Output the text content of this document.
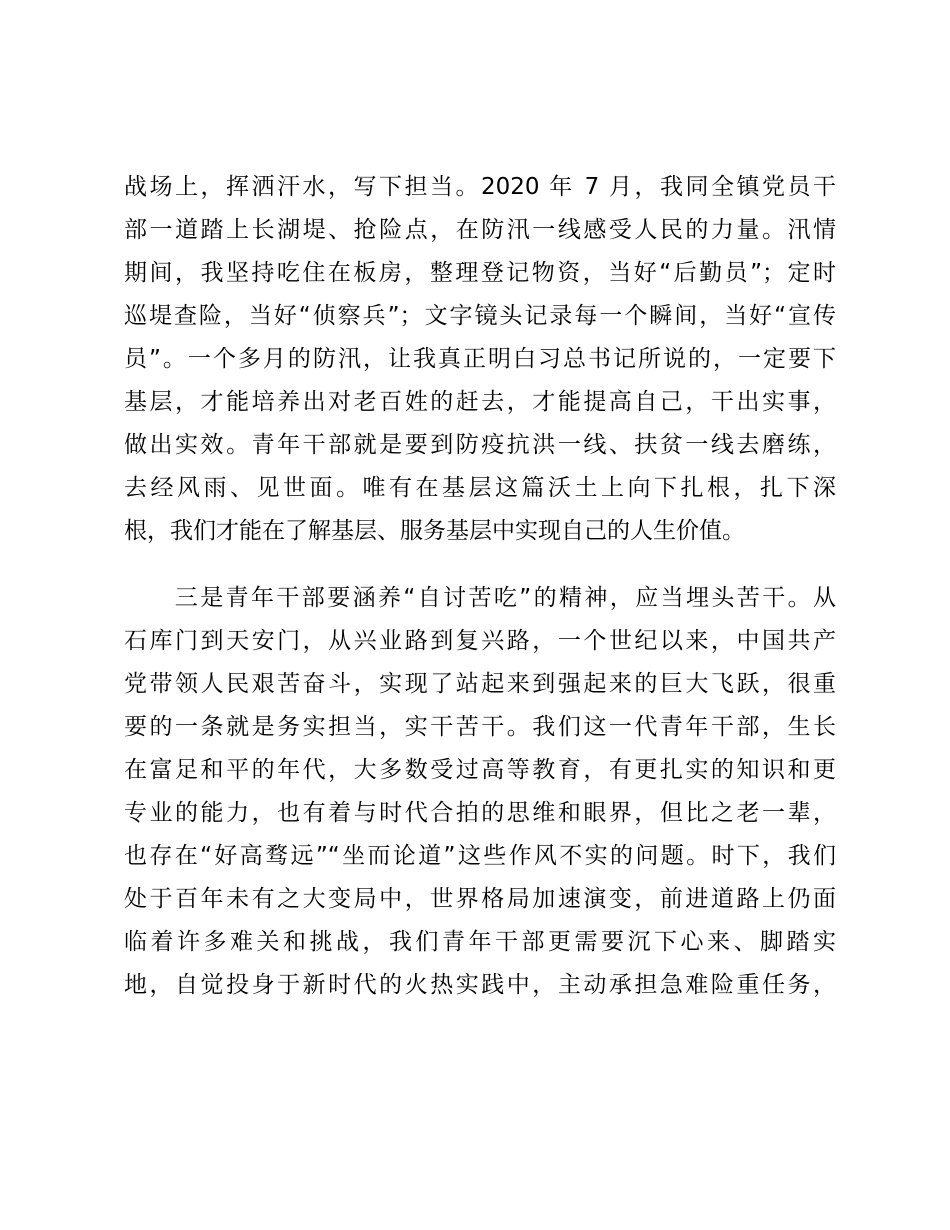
战场上，挥洒汗水，写下担当。2020 年 7 月，我同全镇党员干
部一道踏上长湖堤、抢险点，在防汛一线感受人民的力量。汛情
期间，我坚持吃住在板房，整理登记物资，当好“后勤员”；定时
巡堤查险，当好“侦察兵”；文字镜头记录每一个瞬间，当好“宣传
员”。一个多月的防汛，让我真正明白习总书记所说的，一定要下
基层，才能培养出对老百姓的赶去，才能提高自己，干出实事，
做出实效。青年干部就是要到防疫抗洪一线、扶贫一线去磨练，
去经风雨、见世面。唯有在基层这篇沃土上向下扎根，扎下深
根，我们才能在了解基层、服务基层中实现自己的人生价值。
　　三是青年干部要涵养“自讨苦吃”的精神，应当埋头苦干。从
石库门到天安门，从兴业路到复兴路，一个世纪以来，中国共产
党带领人民艰苦奋斗，实现了站起来到强起来的巨大飞跃，很重
要的一条就是务实担当，实干苦干。我们这一代青年干部，生长
在富足和平的年代，大多数受过高等教育，有更扎实的知识和更
专业的能力，也有着与时代合拍的思维和眼界，但比之老一辈，
也存在“好高骛远”“坐而论道”这些作风不实的问题。时下，我们
处于百年未有之大变局中，世界格局加速演变，前进道路上仍面
临着许多难关和挑战，我们青年干部更需要沉下心来、脚踏实
地，自觉投身于新时代的火热实践中，主动承担急难险重任务，
